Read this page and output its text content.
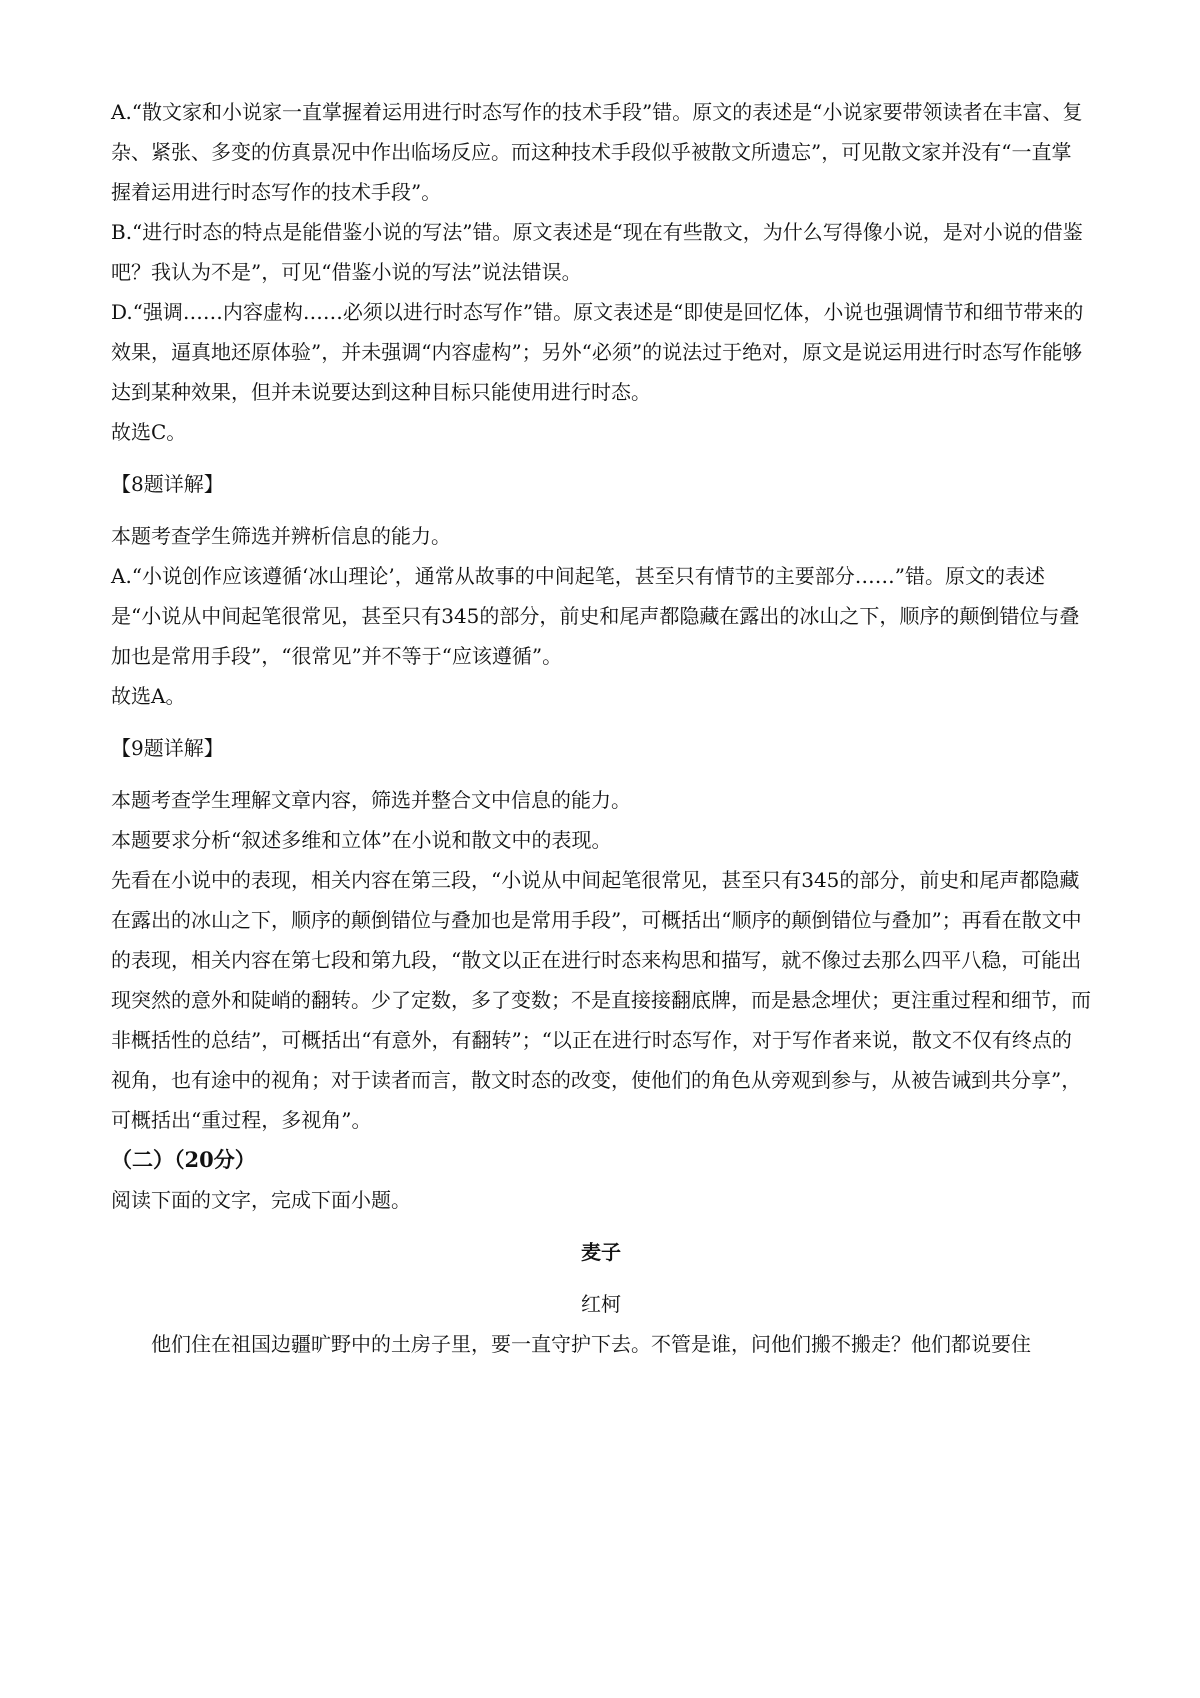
A.“散文家和小说家一直掌握着运用进行时态写作的技术手段”错。原文的表述是“小说家要带领读者在丰富、复杂、紧张、多变的仿真景况中作出临场反应。而这种技术手段似乎被散文所遗忘”，可见散文家并没有“一直掌握着运用进行时态写作的技术手段”。

B.“进行时态的特点是能借鉴小说的写法”错。原文表述是“现在有些散文，为什么写得像小说，是对小说的借鉴吧？我认为不是”，可见“借鉴小说的写法”说法错误。

D.“强调……内容虚构……必须以进行时态写作”错。原文表述是“即使是回忆体，小说也强调情节和细节带来的效果，逼真地还原体验”，并未强调“内容虚构”；另外“必须”的说法过于绝对，原文是说运用进行时态写作能够达到某种效果，但并未说要达到这种目标只能使用进行时态。

故选C。

【8题详解】

本题考查学生筛选并辨析信息的能力。

A.“小说创作应该遵循‘冰山理论’，通常从故事的中间起笔，甚至只有情节的主要部分……”错。原文的表述是“小说从中间起笔很常见，甚至只有345的部分，前史和尾声都隐藏在露出的冰山之下，顺序的颠倒错位与叠加也是常用手段”，“很常见”并不等于“应该遵循”。

故选A。

【9题详解】

本题考查学生理解文章内容，筛选并整合文中信息的能力。

本题要求分析“叙述多维和立体”在小说和散文中的表现。

先看在小说中的表现，相关内容在第三段，“小说从中间起笔很常见，甚至只有345的部分，前史和尾声都隐藏在露出的冰山之下，顺序的颠倒错位与叠加也是常用手段”，可概括出“顺序的颠倒错位与叠加”；再看在散文中的表现，相关内容在第七段和第九段，“散文以正在进行时态来构思和描写，就不像过去那么四平八稳，可能出现突然的意外和陡峭的翻转。少了定数，多了变数；不是直接接翻底牌，而是悬念埋伏；更注重过程和细节，而非概括性的总结”，可概括出“有意外，有翻转”；“以正在进行时态写作，对于写作者来说，散文不仅有终点的视角，也有途中的视角；对于读者而言，散文时态的改变，使他们的角色从旁观到参与，从被告诫到共分享”，可概括出“重过程，多视角”。

（二）（20分）

阅读下面的文字，完成下面小题。

麦子

红柯

他们住在祖国边疆旷野中的土房子里，要一直守护下去。不管是谁，问他们搬不搬走？他们都说要住
